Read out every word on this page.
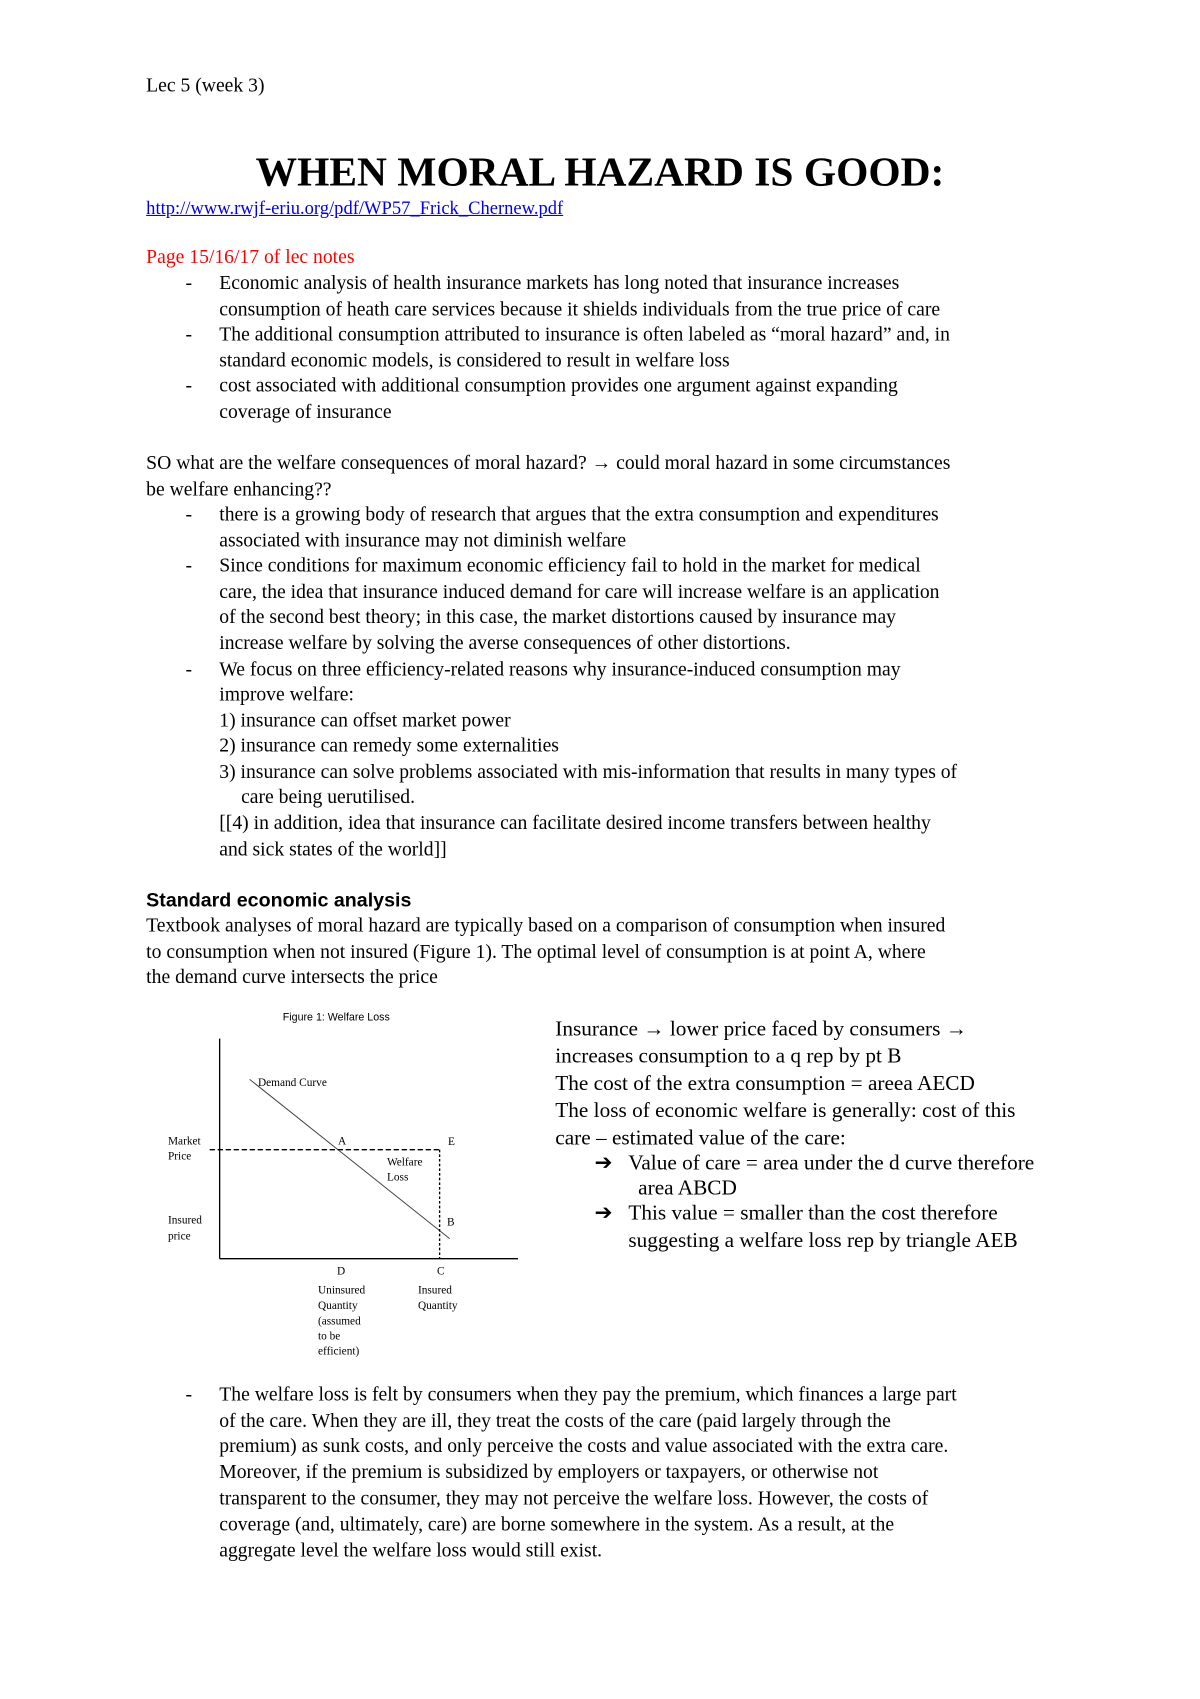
Figure 1: Welfare Loss
Demand Curve
A	E
Welfare
Loss
B
Market
Price
Insured
price
D	C
Uninsured
Quantity
(assumed
to be
efficient)
Insured
Quantity
Lec 5 (week 3)
WHEN MORAL HAZARD IS GOOD:
http://www.rwjf-eriu.org/pdf/WP57_Frick_Chernew.pdf
Page 15/16/17 of lec notes
- Economic analysis of health insurance markets has long noted that insurance increases
consumption of heath care services because it shields individuals from the true price of care
- The additional consumption attributed to insurance is often labeled as “moral hazard” and, in
standard economic models, is considered to result in welfare loss
- cost associated with additional consumption provides one argument against expanding
coverage of insurance
SO what are the welfare consequences of moral hazard? → could moral hazard in some circumstances
be welfare enhancing??
- there is a growing body of research that argues that the extra consumption and expenditures
associated with insurance may not diminish welfare
- Since conditions for maximum economic efficiency fail to hold in the market for medical
care, the idea that insurance induced demand for care will increase welfare is an application
of the second best theory; in this case, the market distortions caused by insurance may
increase welfare by solving the averse consequences of other distortions.
- We focus on three efficiency-related reasons why insurance-induced consumption may
improve welfare:
1) insurance can offset market power
2) insurance can remedy some externalities
3) insurance can solve problems associated with mis-information that results in many types of
care being uerutilised.
[[4) in addition, idea that insurance can facilitate desired income transfers between healthy
and sick states of the world]]
Standard economic analysis
Textbook analyses of moral hazard are typically based on a comparison of consumption when insured
to consumption when not insured (Figure 1). The optimal level of consumption is at point A, where
the demand curve intersects the price
Insurance → lower price faced by consumers →
increases consumption to a q rep by pt B
The cost of the extra consumption = areea AECD
The loss of economic welfare is generally: cost of this
care – estimated value of the care:
➔ Value of care = area under the d curve therefore
area ABCD
➔ This value = smaller than the cost therefore
suggesting a welfare loss rep by triangle AEB
- The welfare loss is felt by consumers when they pay the premium, which finances a large part
of the care. When they are ill, they treat the costs of the care (paid largely through the
premium) as sunk costs, and only perceive the costs and value associated with the extra care.
Moreover, if the premium is subsidized by employers or taxpayers, or otherwise not
transparent to the consumer, they may not perceive the welfare loss. However, the costs of
coverage (and, ultimately, care) are borne somewhere in the system. As a result, at the
aggregate level the welfare loss would still exist.
